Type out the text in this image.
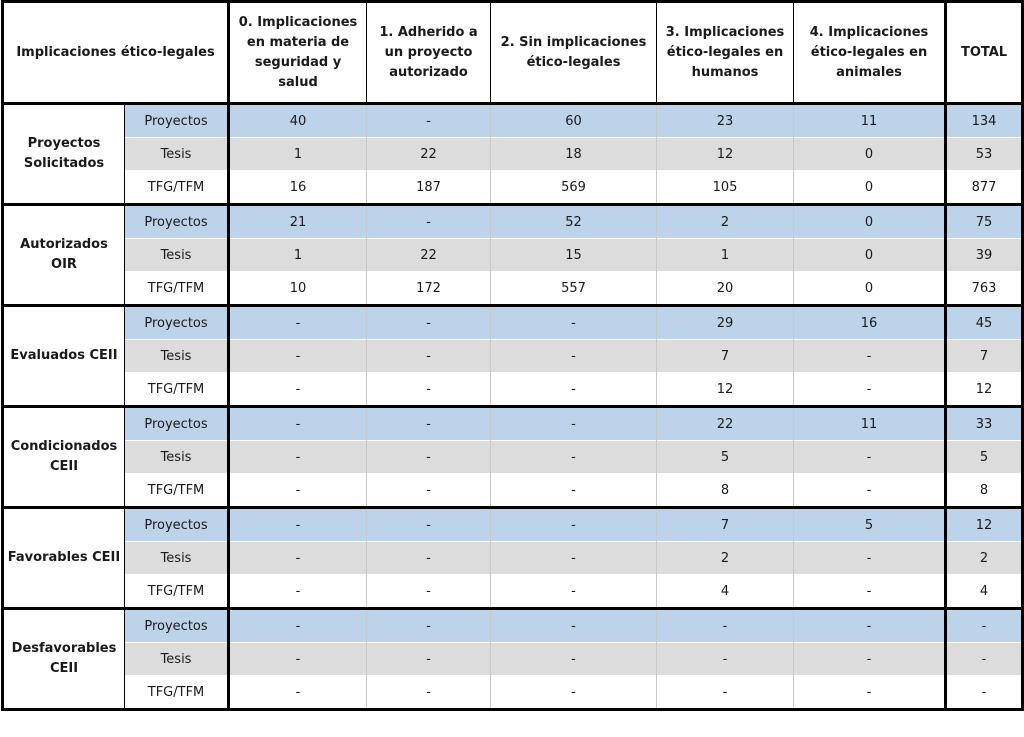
Implicaciones ético-legales		0. Implicaciones en materia de seguridad y salud	1. Adherido a un proyecto autorizado	2. Sin implicaciones ético-legales	3. Implicaciones ético-legales en humanos	4. Implicaciones ético-legales en animales	TOTAL
Proyectos Solicitados	Proyectos	40	-	60	23	11	134
	Tesis	1	22	18	12	0	53
	TFG/TFM	16	187	569	105	0	877
Autorizados OIR	Proyectos	21	-	52	2	0	75
	Tesis	1	22	15	1	0	39
	TFG/TFM	10	172	557	20	0	763
Evaluados CEII	Proyectos	-	-	-	29	16	45
	Tesis	-	-	-	7	-	7
	TFG/TFM	-	-	-	12	-	12
Condicionados CEII	Proyectos	-	-	-	22	11	33
	Tesis	-	-	-	5	-	5
	TFG/TFM	-	-	-	8	-	8
Favorables CEII	Proyectos	-	-	-	7	5	12
	Tesis	-	-	-	2	-	2
	TFG/TFM	-	-	-	4	-	4
Desfavorables CEII	Proyectos	-	-	-	-	-	-
	Tesis	-	-	-	-	-	-
	TFG/TFM	-	-	-	-	-	-
